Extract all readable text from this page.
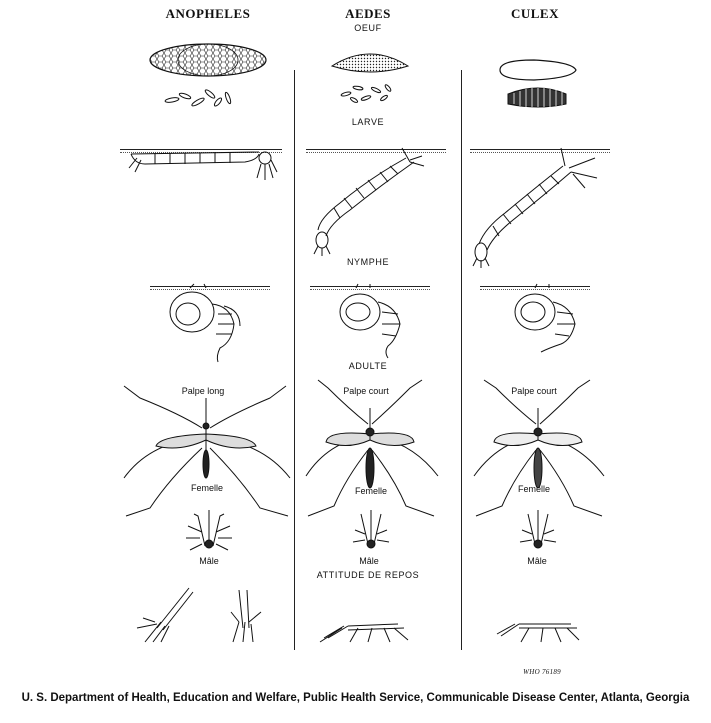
ANOPHELES	AEDES	CULEX
OEUF
LARVE
NYMPHE
ADULTE
ATTITUDE DE REPOS
Palpe long	Palpe court	Palpe court
Femelle	Femelle	Femelle
Mâle	Mâle	Mâle
WHO 76189
U. S. Department of Health, Education and Welfare, Public Health Service, Communicable Disease Center, Atlanta, Georgia
